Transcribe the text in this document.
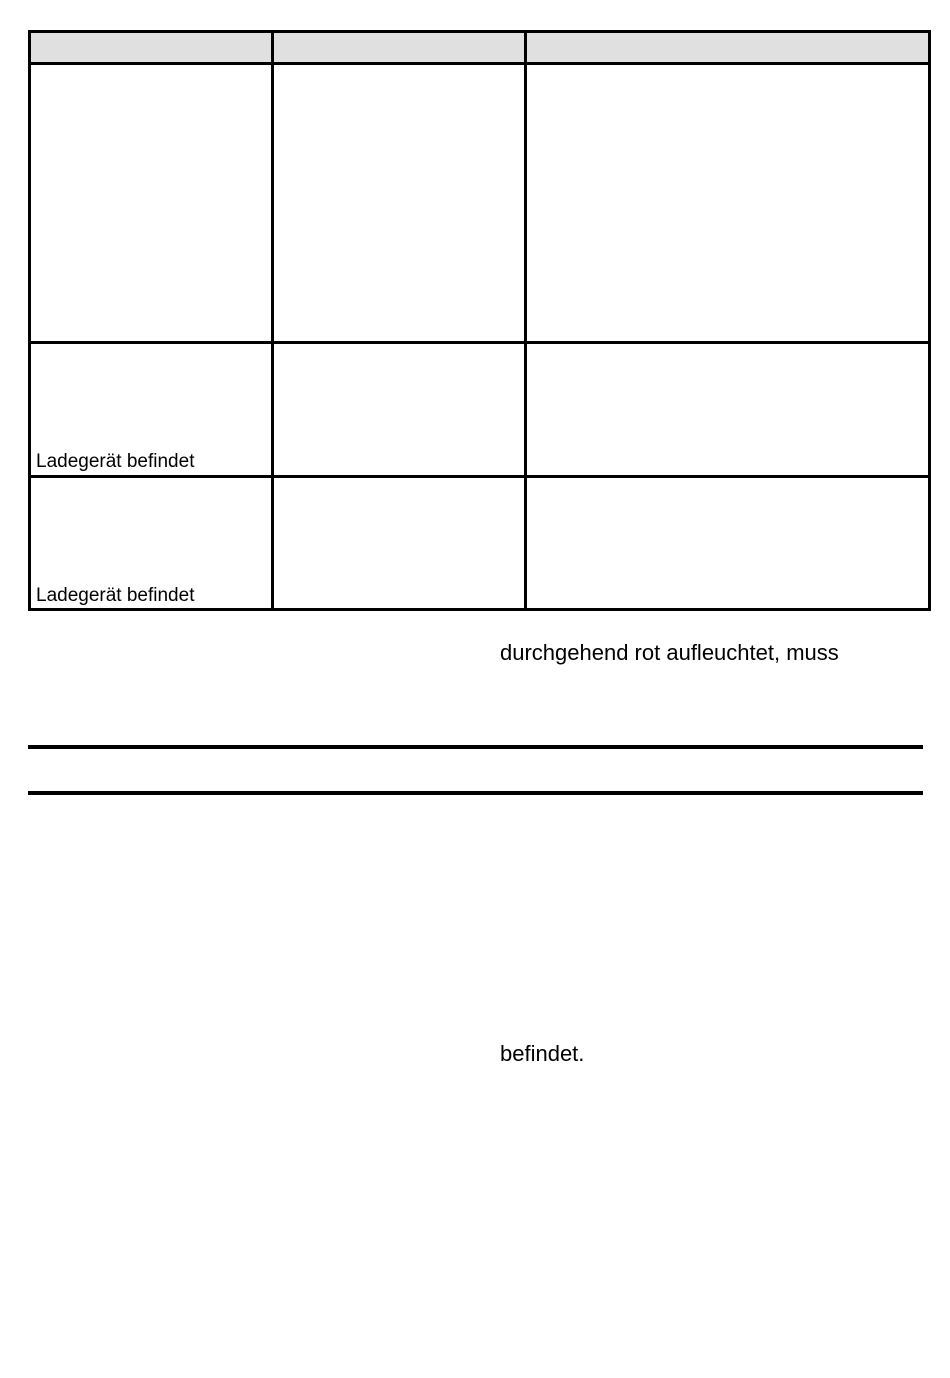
Ladegerät befindet
Ladegerät befindet
durchgehend rot aufleuchtet, muss
befindet.
